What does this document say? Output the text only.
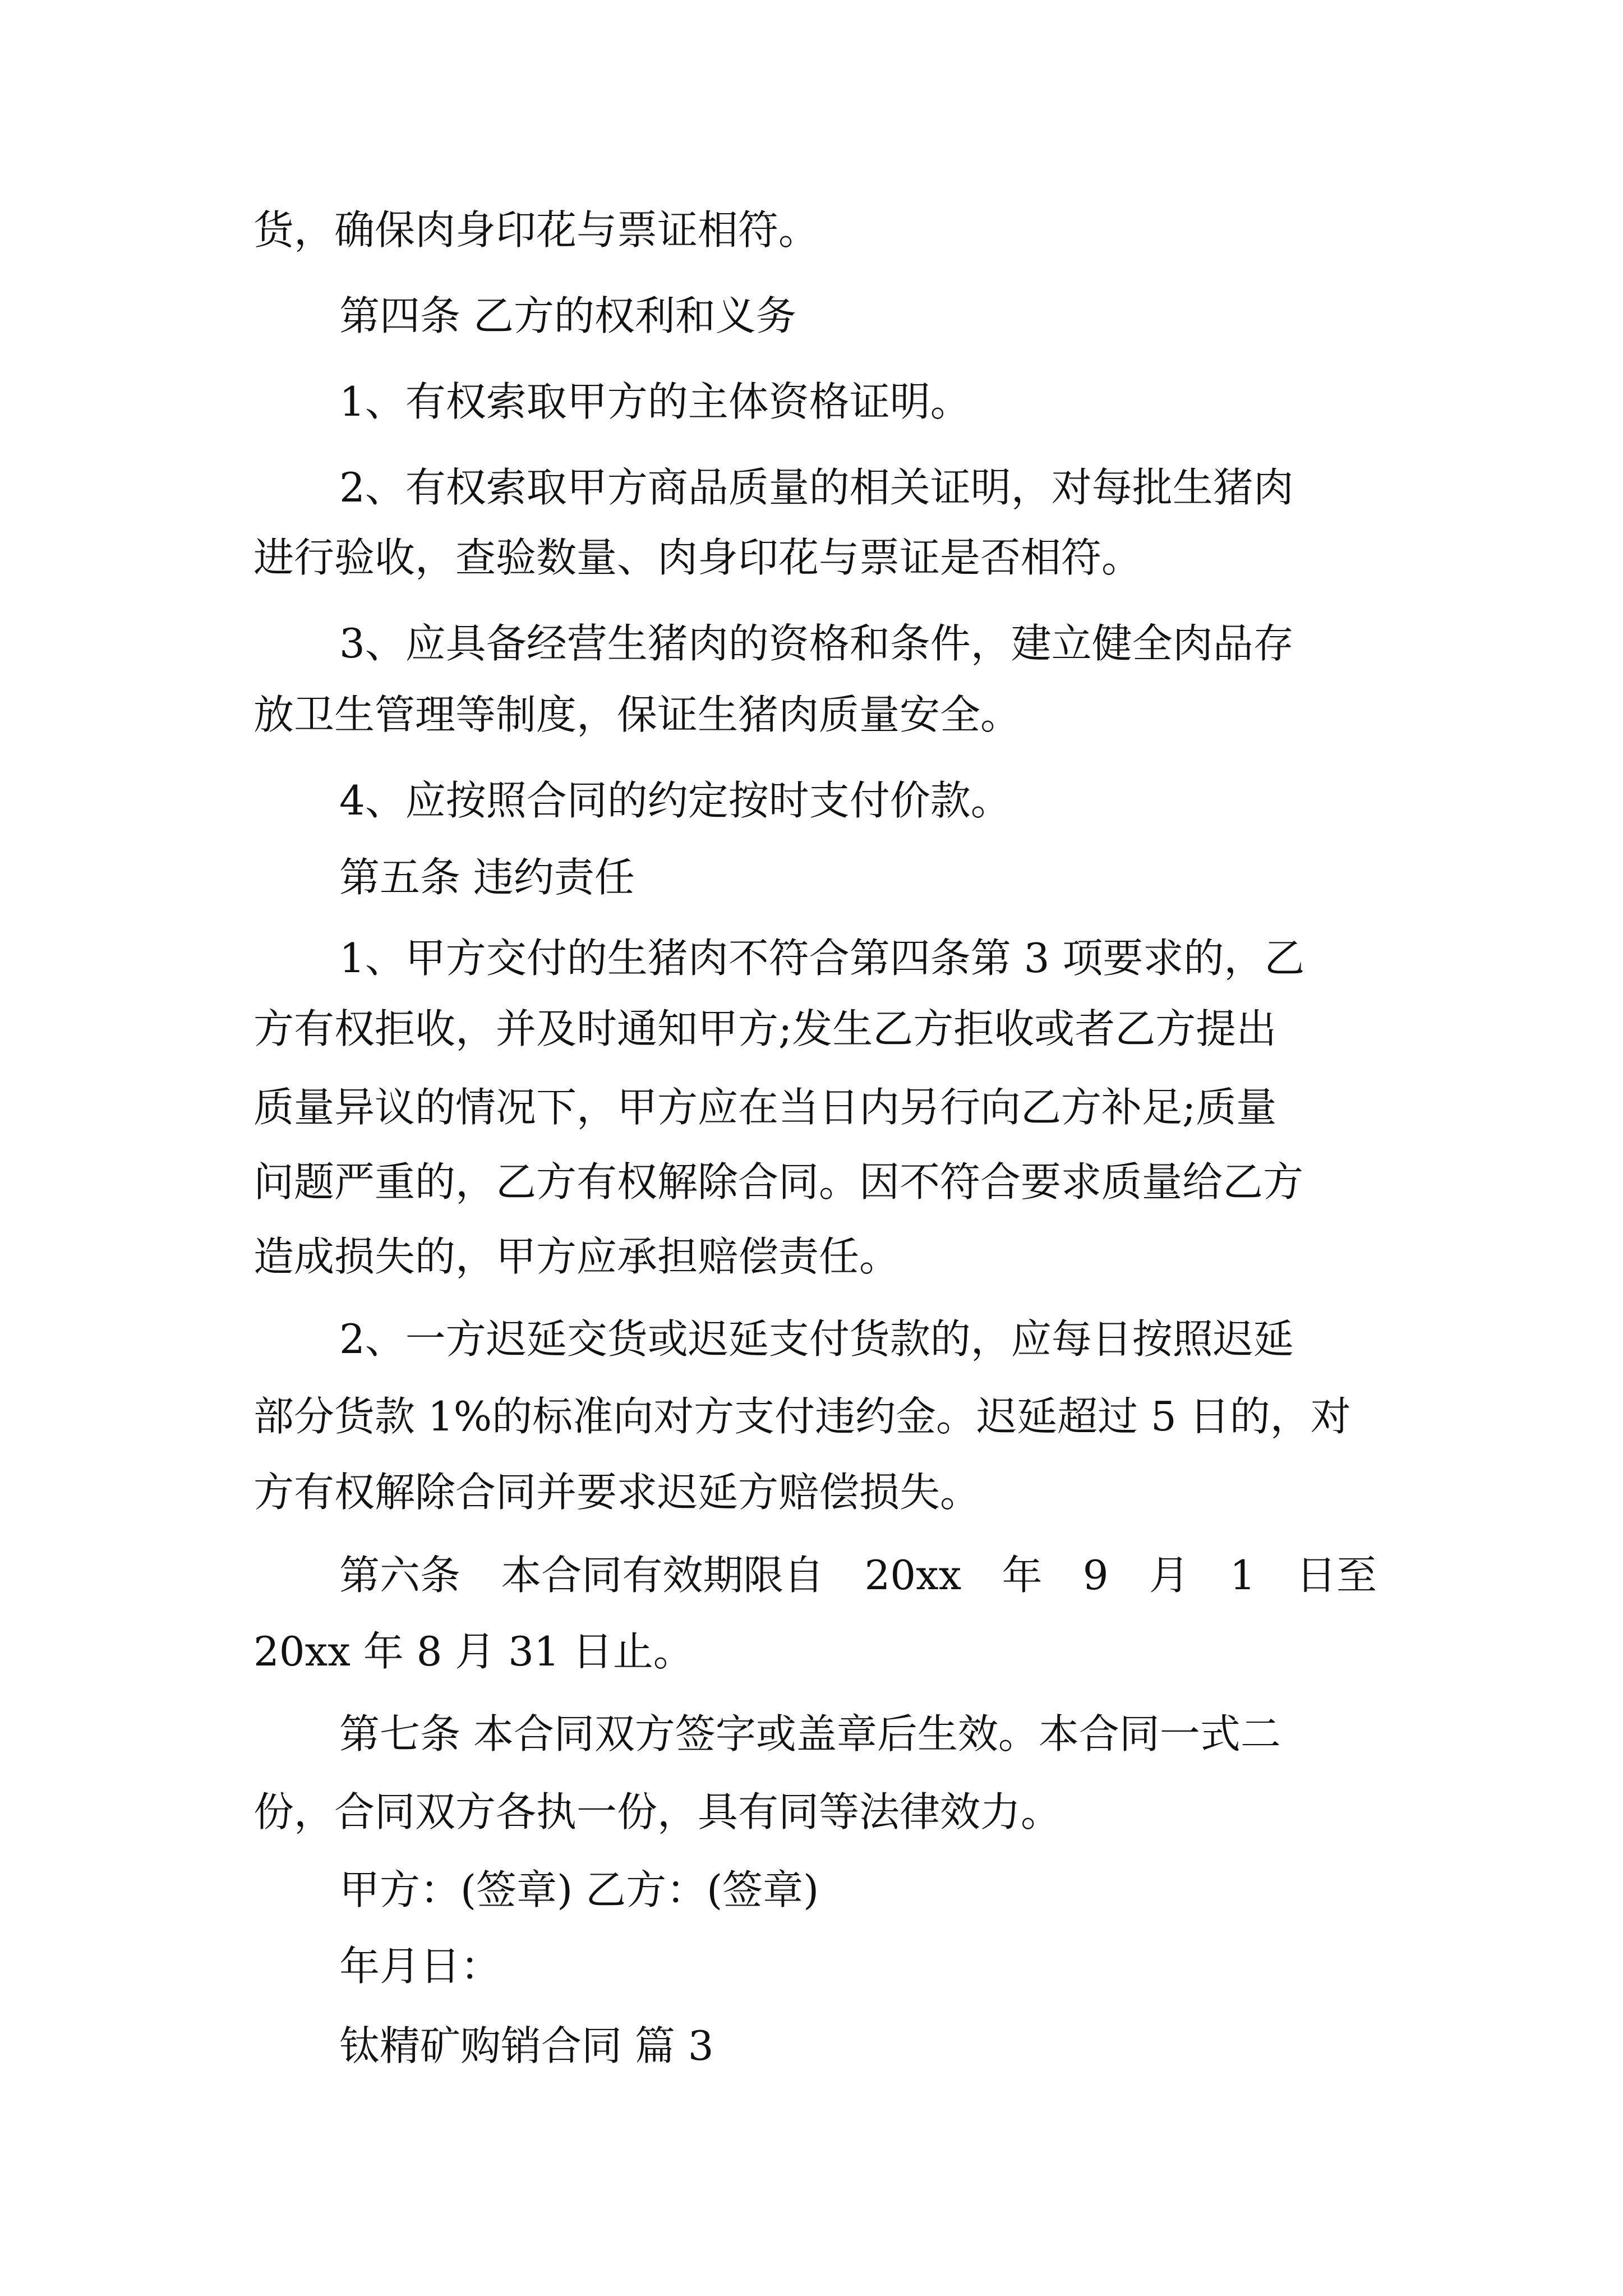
货，确保肉身印花与票证相符。

第四条 乙方的权利和义务

1、有权索取甲方的主体资格证明。

2、有权索取甲方商品质量的相关证明，对每批生猪肉

进行验收，查验数量、肉身印花与票证是否相符。

3、应具备经营生猪肉的资格和条件，建立健全肉品存

放卫生管理等制度，保证生猪肉质量安全。

4、应按照合同的约定按时支付价款。

第五条 违约责任

1、甲方交付的生猪肉不符合第四条第 3 项要求的，乙

方有权拒收，并及时通知甲方;发生乙方拒收或者乙方提出

质量异议的情况下，甲方应在当日内另行向乙方补足;质量

问题严重的，乙方有权解除合同。因不符合要求质量给乙方

造成损失的，甲方应承担赔偿责任。

2、一方迟延交货或迟延支付货款的，应每日按照迟延

部分货款 1%的标准向对方支付违约金。迟延超过 5 日的，对

方有权解除合同并要求迟延方赔偿损失。

第六条 本合同有效期限自 20xx 年 9 月 1 日至

20xx 年 8 月 31 日止。

第七条 本合同双方签字或盖章后生效。本合同一式二

份，合同双方各执一份，具有同等法律效力。

甲方：(签章) 乙方：(签章)

年月日：

钛精矿购销合同 篇 3
